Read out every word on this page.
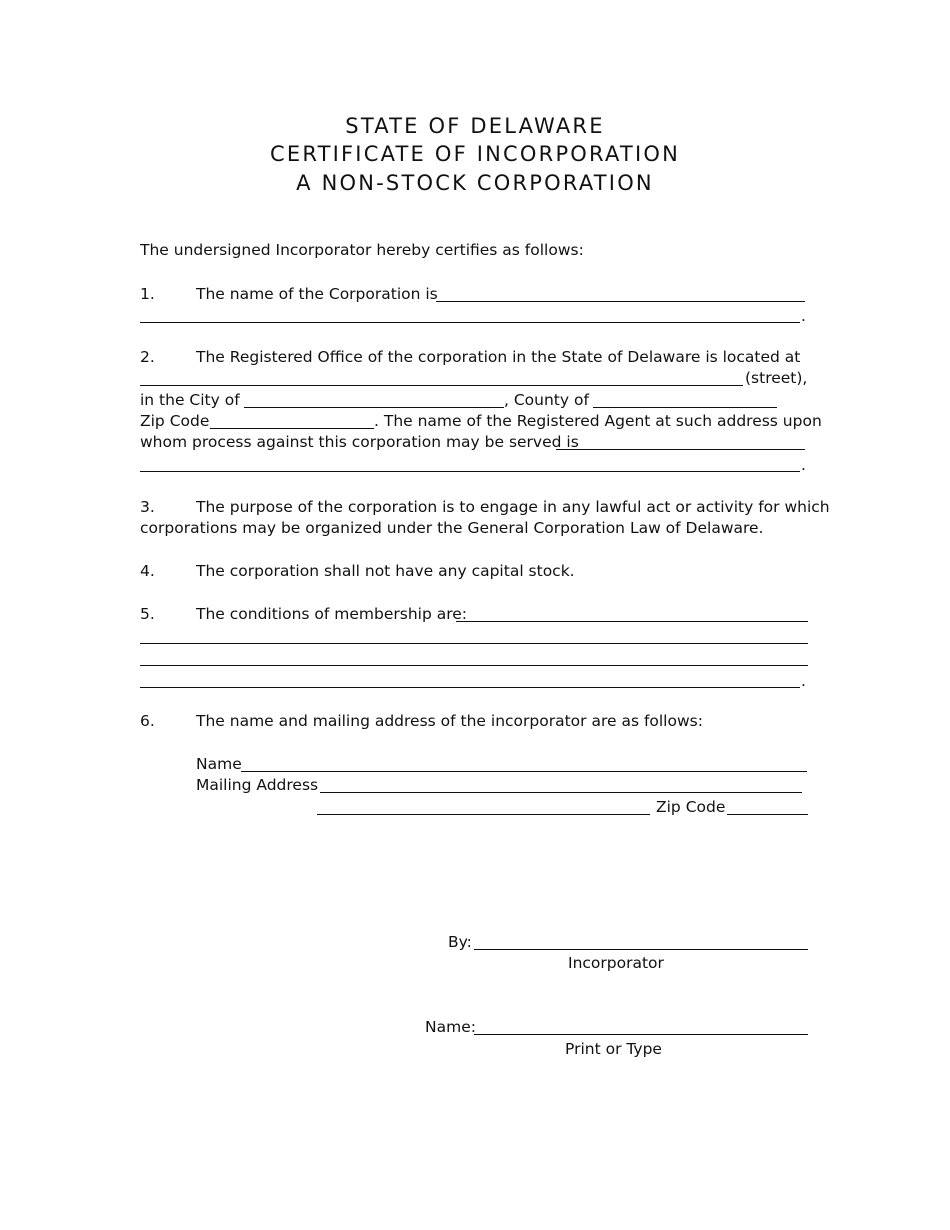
STATE OF DELAWARE
CERTIFICATE OF INCORPORATION
A NON-STOCK CORPORATION
The undersigned Incorporator hereby certifies as follows:
1.	The name of the Corporation is
.
2.	The Registered Office of the corporation in the State of Delaware is located at
(street),
in the City of	, County of
Zip Code	. The name of the Registered Agent at such address upon
whom process against this corporation may be served is
.
3.	The purpose of the corporation is to engage in any lawful act or activity for which
corporations may be organized under the General Corporation Law of Delaware.
4.	The corporation shall not have any capital stock.
5.	The conditions of membership are:
.
6.	The name and mailing address of the incorporator are as follows:
Name
Mailing Address
Zip Code
By:
Incorporator
Name:
Print or Type
